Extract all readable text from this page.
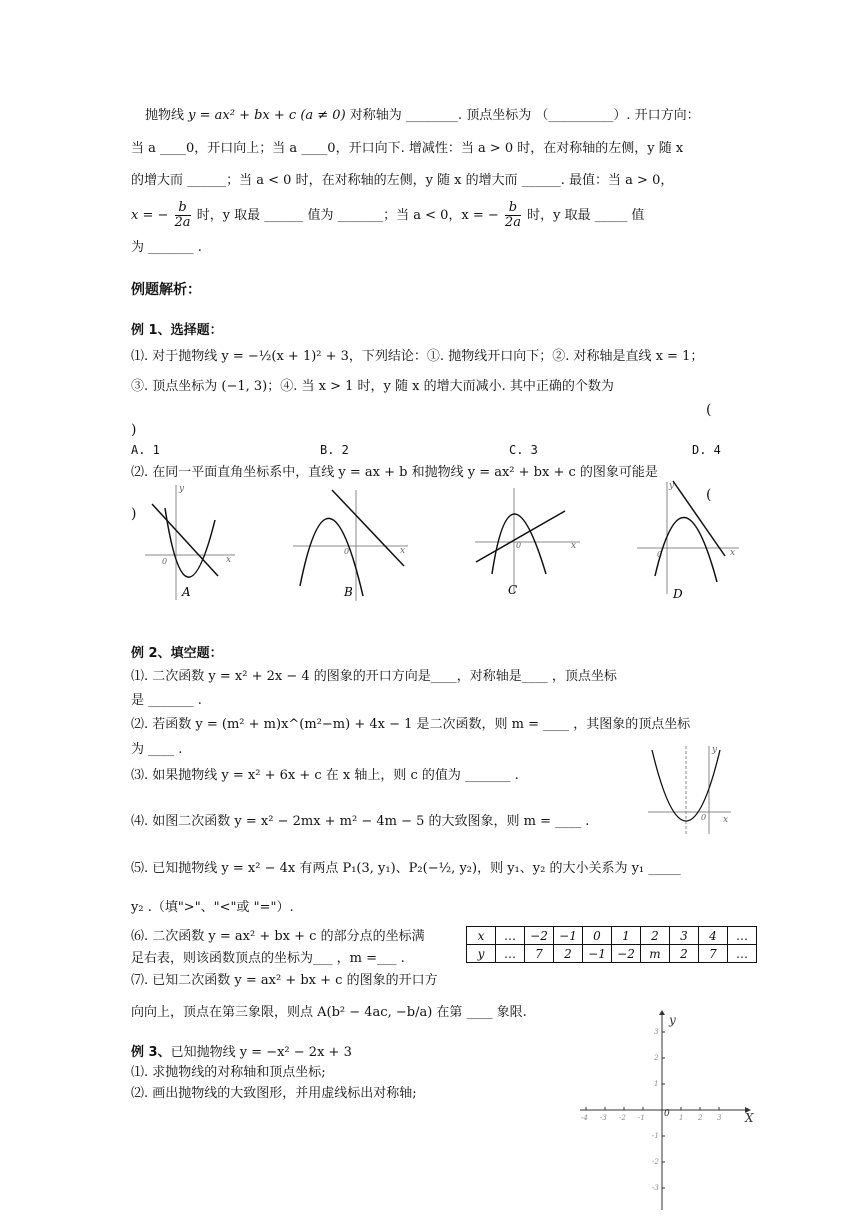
抛物线 y = ax² + bx + c (a ≠ 0) 对称轴为 ________. 顶点坐标为 （__________）. 开口方向：
当 a ____0，开口向上；当 a ____0，开口向下. 增减性：当 a > 0 时，在对称轴的左侧，y 随 x
的增大而 ______；当 a < 0 时，在对称轴的左侧，y 随 x 的增大而 ______. 最值：当 a > 0，
x = − $\frac{b}{2a}$ 时，y 取最 ______ 值为 _______；当 a < 0，x = − $\frac{b}{2a}$ 时，y 取最 _____ 值
为 _______ .
例题解析：
例 1、选择题：
⑴. 对于抛物线 y = −½(x + 1)² + 3，下列结论：①. 抛物线开口向下；②. 对称轴是直线 x = 1；
③. 顶点坐标为 (−1, 3)；④. 当 x > 1 时，y 随 x 的增大而减小. 其中正确的个数为
(
)
A. 1	B. 2	C. 3	D. 4
⑵. 在同一平面直角坐标系中，直线 y = ax + b 和抛物线 y = ax² + bx + c 的图象可能是
(
)
x
y
0
A
x
0
B
x
0
C
x
y
0
D
例 2、填空题：
⑴. 二次函数 y = x² + 2x − 4 的图象的开口方向是____，对称轴是____ ，顶点坐标
是 _______ .
⑵. 若函数 y = (m² + m)x^(m²−m) + 4x − 1 是二次函数，则 m = ____ ，其图象的顶点坐标
为 ____ .
⑶. 如果抛物线 y = x² + 6x + c 在 x 轴上，则 c 的值为 _______ .
⑷. 如图二次函数 y = x² − 2mx + m² − 4m − 5 的大致图象，则 m = ____ .
y
x
0
⑸. 已知抛物线 y = x² − 4x 有两点 P₁(3, y₁)、P₂(−½, y₂)，则 y₁、y₂ 的大小关系为 y₁ _____
y₂ .（填">"、"<"或 "="）.
⑹. 二次函数 y = ax² + bx + c 的部分点的坐标满
足右表，则该函数顶点的坐标为___ ，m =___ .
x	…	−2	−1	0	1	2	3	4	…
y	…	7	2	−1	−2	m	2	7	…
⑺. 已知二次函数 y = ax² + bx + c 的图象的开口方
向向上，顶点在第三象限，则点 A(b² − 4ac, −b/a) 在第 ____ 象限.
例 3、已知抛物线 y = −x² − 2x + 3
⑴. 求抛物线的对称轴和顶点坐标;
⑵. 画出抛物线的大致图形，并用虚线标出对称轴;
-4 -3 -2 -1	1 2 3
3
2
1
-1
-2
-3
0	X
y
